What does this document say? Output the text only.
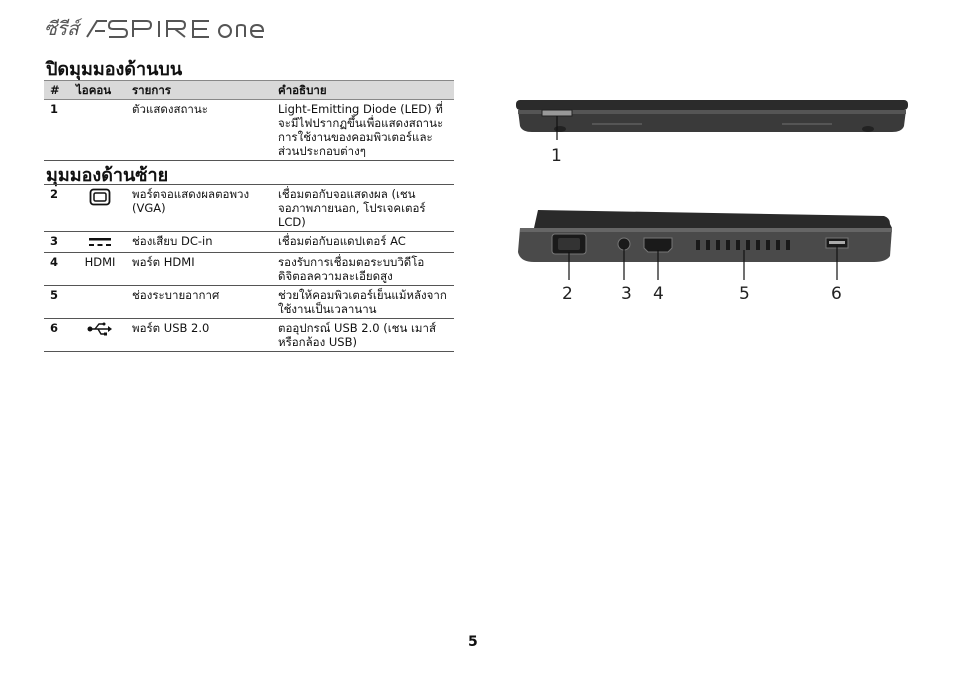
ซีรีส์
ปิดมุมมองด้านบน
#	ไอคอน	รายการ	คำอธิบาย
1		ตัวแสดงสถานะ	Light-Emitting Diode (LED) ที่จะมีไฟปรากฏขึ้นเพื่อแสดงสถานะการใช้งานของคอมพิวเตอร์และส่วนประกอบต่างๆ
มุมมองด้านซ้าย
2		พอร์ตจอแสดงผลตอพวง (VGA)	เชื่อมตอกับจอแสดงผล (เชน จอภาพภายนอก, โปรเจคเตอร์ LCD)
3		ช่องเสียบ DC-in	เชื่อมต่อกับอแดปเตอร์ AC
4	HDMI	พอร์ต HDMI	รองรับการเชื่อมตอระบบวิดีโอดิจิตอลความละเอียดสูง
5		ช่องระบายอากาศ	ช่วยให้คอมพิวเตอร์เย็นแม้หลังจากใช้งานเป็นเวลานาน
6		พอร์ต USB 2.0	ตออุปกรณ์ USB 2.0 (เชน เมาส์หรือกล้อง USB)
1
2	3 4	5	6
5
